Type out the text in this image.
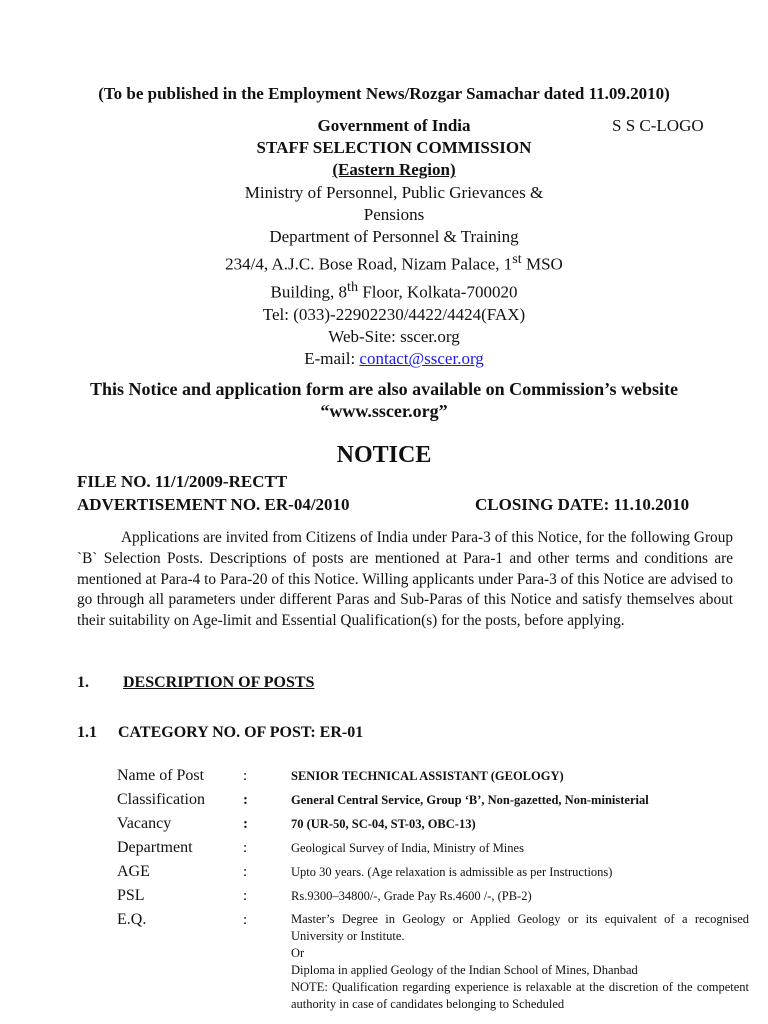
(To be published in the Employment News/Rozgar Samachar dated 11.09.2010)
Government of India
STAFF SELECTION COMMISSION
(Eastern Region)
Ministry of Personnel, Public Grievances &
Pensions
Department of Personnel & Training
234/4, A.J.C. Bose Road, Nizam Palace, 1st MSO
Building, 8th Floor, Kolkata-700020
Tel: (033)-22902230/4422/4424(FAX)
Web-Site: sscer.org
E-mail: contact@sscer.org
S S C-LOGO
This Notice and application form are also available on Commission’s website “www.sscer.org”
NOTICE
FILE NO. 11/1/2009-RECTT
ADVERTISEMENT NO. ER-04/2010	CLOSING DATE: 11.10.2010

Applications are invited from Citizens of India under Para-3 of this Notice, for the following Group `B` Selection Posts. Descriptions of posts are mentioned at Para-1 and other terms and conditions are mentioned at Para-4 to Para-20 of this Notice. Willing applicants under Para-3 of this Notice are advised to go through all parameters under different Paras and Sub-Paras of this Notice and satisfy themselves about their suitability on Age-limit and Essential Qualification(s) for the posts, before applying.

1. DESCRIPTION OF POSTS
1.1 CATEGORY NO. OF POST: ER-01
Name of Post	:	SENIOR TECHNICAL ASSISTANT (GEOLOGY)
Classification	:	General Central Service, Group ‘B’, Non-gazetted, Non-ministerial
Vacancy	:	70 (UR-50, SC-04, ST-03, OBC-13)
Department	:	Geological Survey of India, Ministry of Mines
AGE	:	Upto 30 years. (Age relaxation is admissible as per Instructions)
PSL	:	Rs.9300–34800/-, Grade Pay Rs.4600 /-, (PB-2)
E.Q.	:	Master’s Degree in Geology or Applied Geology or its equivalent of a recognised University or Institute.
Or
Diploma in applied Geology of the Indian School of Mines, Dhanbad
NOTE: Qualification regarding experience is relaxable at the discretion of the competent authority in case of candidates belonging to Scheduled
